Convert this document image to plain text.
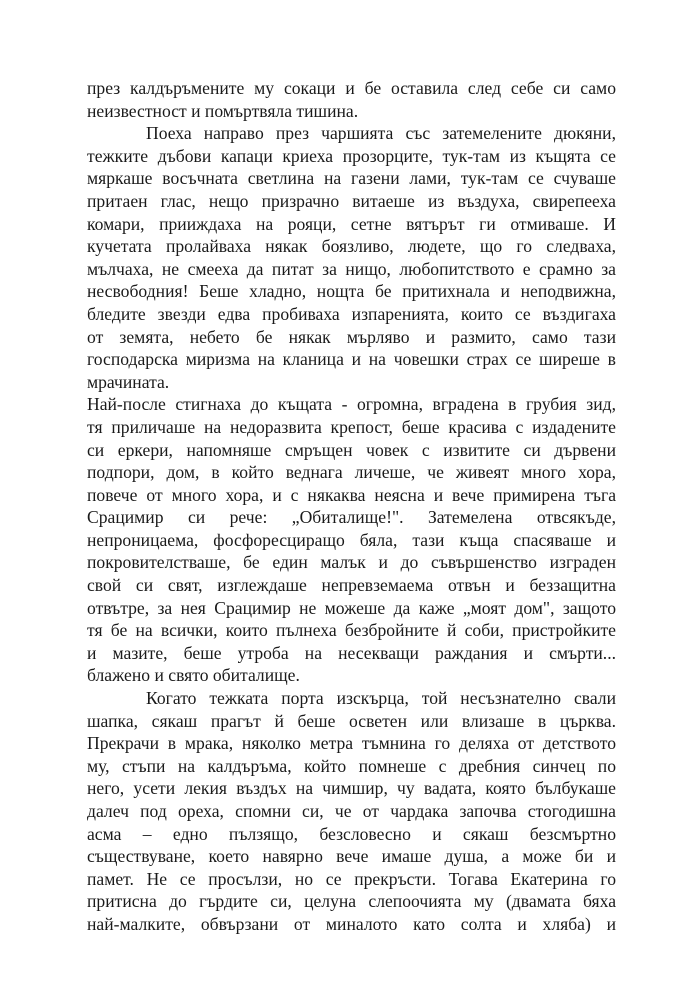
през калдъръмените му сокаци и бе оставила след себе си само
неизвестност и помъртвяла тишина.
Поеха направо през чаршията със затемелените дюкяни,
тежките дъбови капаци криеха прозорците, тук-там из къщята се
мяркаше восъчната светлина на газени лами, тук-там се счуваше
притаен глас, нещо призрачно витаеше из въздуха, свирепееха
комари, прииждаха на рояци, сетне вятърът ги отмиваше. И
кучетата пролайваха някак боязливо, людете, що го следваха,
мълчаха, не смееха да питат за нищо, любопитството е срамно за
несвободния! Беше хладно, нощта бе притихнала и неподвижна,
бледите звезди едва пробиваха изпаренията, които се въздигаха
от земята, небето бе някак мърляво и размито, само тази
господарска миризма на кланица и на човешки страх се ширеше в
мрачината.
Най-после стигнаха до къщата - огромна, вградена в грубия зид,
тя приличаше на недоразвита крепост, беше красива с издадените
си еркери, напомняше смръщен човек с извитите си дървени
подпори, дом, в който веднага личеше, че живеят много хора,
повече от много хора, и с някаква неясна и вече примирена тъга
Срацимир си рече: „Обиталище!". Затемелена отвсякъде,
непроницаема, фосфоресциращо бяла, тази къща спасяваше и
покровителстваше, бе един малък и до съвършенство изграден
свой си свят, изглеждаше непревземаема отвън и беззащитна
отвътре, за нея Срацимир не можеше да каже „моят дом", защото
тя бе на всички, които пълнеха безбройните й соби, пристройките
и мазите, беше утроба на несекващи раждания и смърти...
блажено и свято обиталище.
Когато тежката порта изскърца, той несъзнателно свали
шапка, сякаш прагът й беше осветен или влизаше в църква.
Прекрачи в мрака, няколко метра тъмнина го деляха от детството
му, стъпи на калдъръма, който помнеше с дребния синчец по
него, усети лекия въздъх на чимшир, чу вадата, която бълбукаше
далеч под ореха, спомни си, че от чардака започва стогодишна
асма – едно пълзящо, безсловесно и сякаш безсмъртно
съществуване, което навярно вече имаше душа, а може би и
памет. Не се просълзи, но се прекръсти. Тогава Екатерина го
притисна до гърдите си, целуна слепоочията му (двамата бяха
най-малките, обвързани от миналото като солта и хляба) и
